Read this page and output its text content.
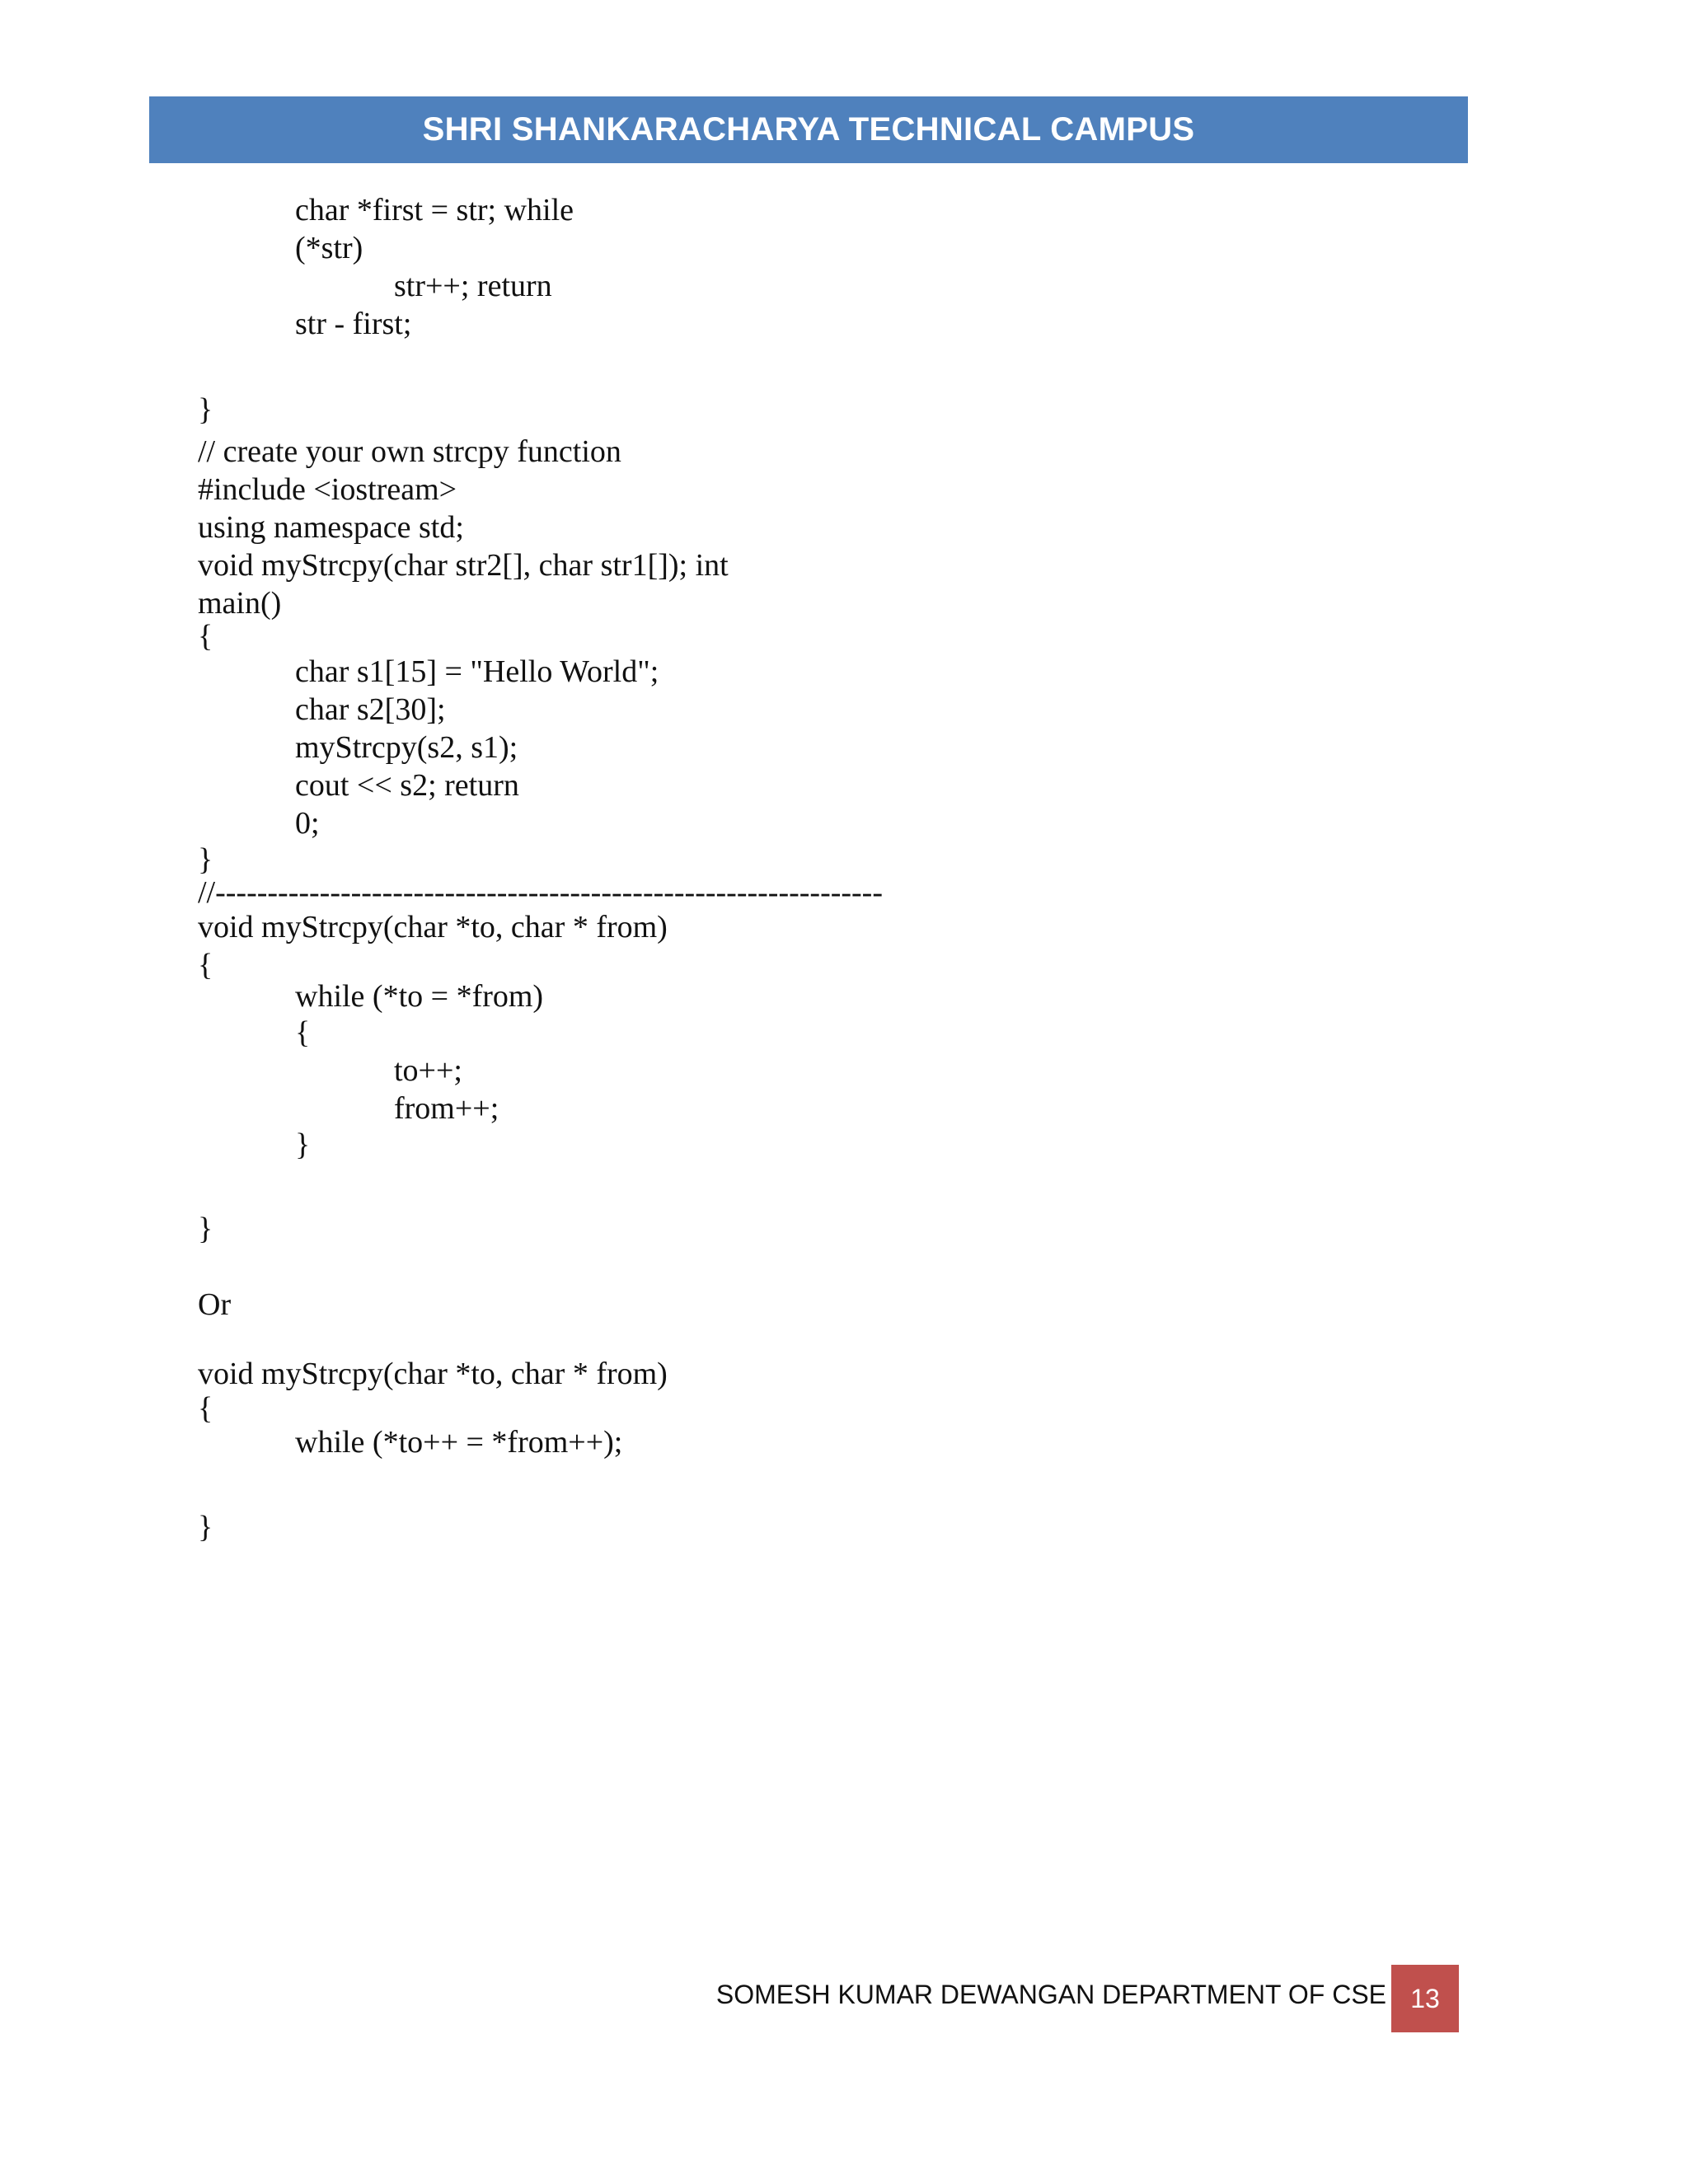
SHRI SHANKARACHARYA TECHNICAL CAMPUS
char *first = str; while
(*str)
str++; return
str - first;
}
// create your own strcpy function
#include <iostream>
using namespace std;
void myStrcpy(char str2[], char str1[]); int
main()
{
char s1[15] = "Hello World";
char s2[30];
myStrcpy(s2, s1);
cout << s2; return
0;
}
//----------------------------------------------------------------
void myStrcpy(char *to, char * from)
{
while (*to = *from)
{
to++;
from++;
}
}
Or
void myStrcpy(char *to, char * from)
{
while (*to++ = *from++);
}
SOMESH KUMAR DEWANGAN DEPARTMENT OF CSE 13
